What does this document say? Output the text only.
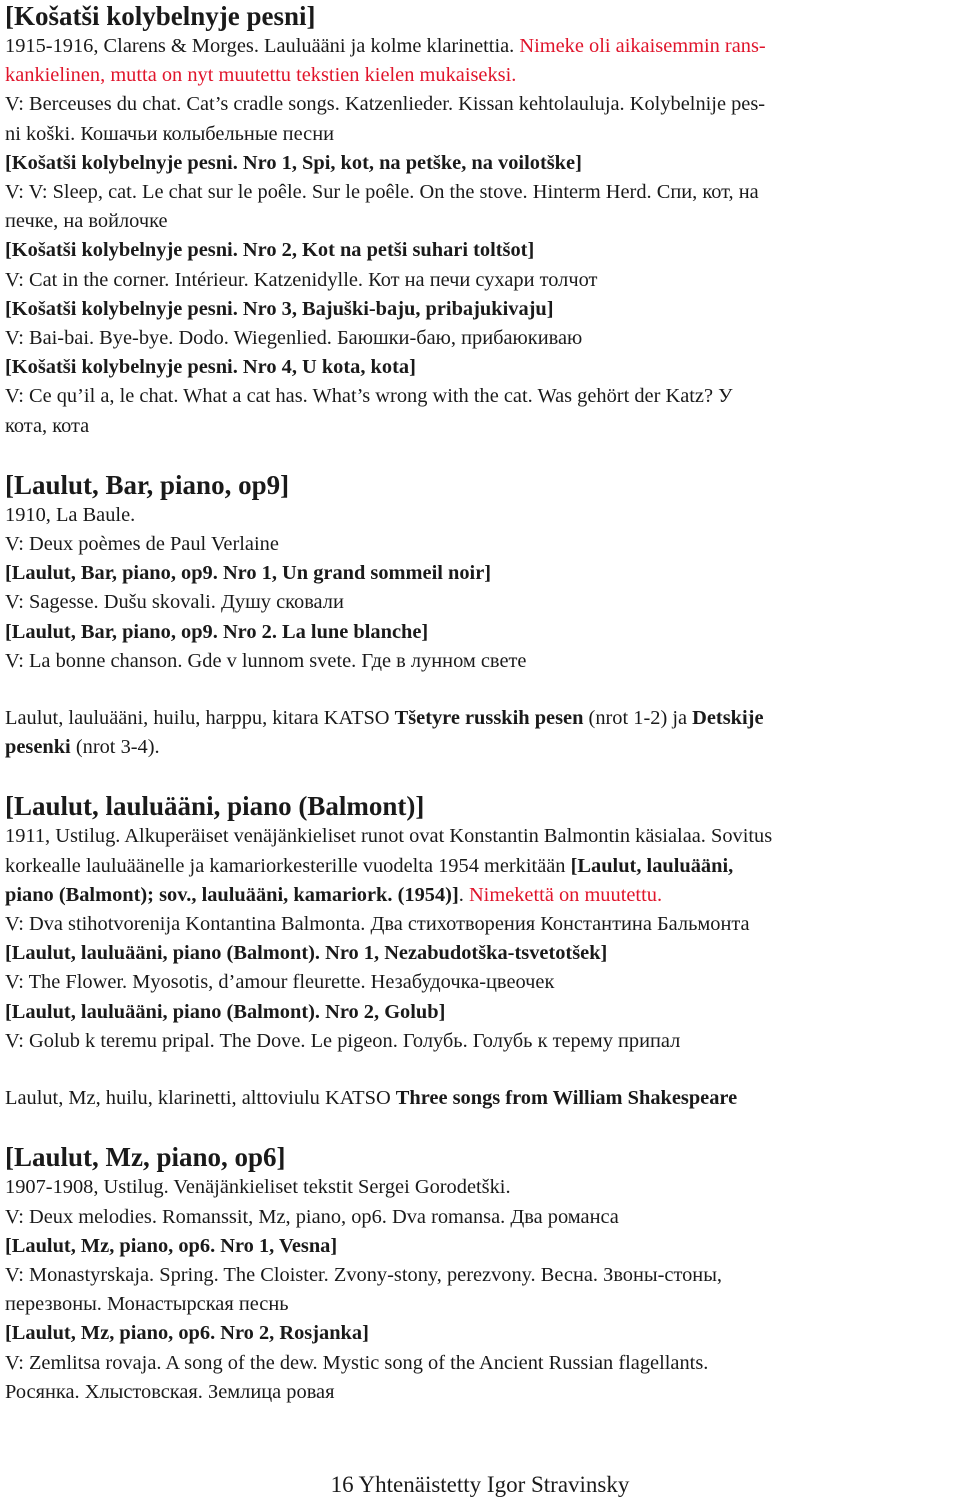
[Košatši kolybelnyje pesni]

1915-1916, Clarens & Morges. Lauluääni ja kolme klarinettia. Nimeke oli aikaisemmin rans-

kankielinen, mutta on nyt muutettu tekstien kielen mukaiseksi.

V: Berceuses du chat. Cat’s cradle songs. Katzenlieder. Kissan kehtolauluja. Kolybelnije pes-

ni koški. Кошачьи колыбельные песни

[Košatši kolybelnyje pesni. Nro 1, Spi, kot, na petške, na voilotške]

V: V: Sleep, cat. Le chat sur le poêle. Sur le poêle. On the stove. Hinterm Herd. Спи, кот, на

печке, на войлочке

[Košatši kolybelnyje pesni. Nro 2, Kot na petši suhari toltšot]

V: Cat in the corner. Intérieur. Katzenidylle. Кот на печи сухари толчот

[Košatši kolybelnyje pesni. Nro 3, Bajuški-baju, pribajukivaju]

V: Bai-bai. Bye-bye. Dodo. Wiegenlied. Баюшки-баю, прибаюкиваю

[Košatši kolybelnyje pesni. Nro 4, U kota, kota]

V: Ce qu’il a, le chat. What a cat has. What’s wrong with the cat. Was gehört der Katz? У

кота, кота

[Laulut, Bar, piano, op9]

1910, La Baule.

V: Deux poèmes de Paul Verlaine

[Laulut, Bar, piano, op9. Nro 1, Un grand sommeil noir]

V: Sagesse. Dušu skovali. Душу сковали

[Laulut, Bar, piano, op9. Nro 2. La lune blanche]

V: La bonne chanson. Gde v lunnom svete. Где в лунном свете

Laulut, lauluääni, huilu, harppu, kitara KATSO Tšetyre russkih pesen (nrot 1-2) ja Detskije

pesenki (nrot 3-4).

[Laulut, lauluääni, piano (Balmont)]

1911, Ustilug. Alkuperäiset venäjänkieliset runot ovat Konstantin Balmontin käsialaa. Sovitus

korkealle lauluäänelle ja kamariorkesterille vuodelta 1954 merkitään [Laulut, lauluääni,

piano (Balmont); sov., lauluääni, kamariork. (1954)]. Nimekettä on muutettu.

V: Dva stihotvorenija Kontantina Balmonta. Два стихотворения Константина Бальмонта

[Laulut, lauluääni, piano (Balmont). Nro 1, Nezabudotška-tsvetotšek]

V: The Flower. Myosotis, d’amour fleurette. Незабудочка-цвеочек

[Laulut, lauluääni, piano (Balmont). Nro 2, Golub]

V: Golub k teremu pripal. The Dove. Le pigeon. Голубь. Голубь к терему припал

Laulut, Mz, huilu, klarinetti, alttoviulu KATSO Three songs from William Shakespeare

[Laulut, Mz, piano, op6]

1907-1908, Ustilug. Venäjänkieliset tekstit Sergei Gorodetški.

V: Deux melodies. Romanssit, Mz, piano, op6. Dva romansa. Два романса

[Laulut, Mz, piano, op6. Nro 1, Vesna]

V: Monastyrskaja. Spring. The Cloister. Zvony-stony, perezvony. Весна. Звоны-стоны,

перезвоны. Монастырская песнь

[Laulut, Mz, piano, op6. Nro 2, Rosjanka]

V: Zemlitsa rovaja. A song of the dew. Mystic song of the Ancient Russian flagellants.

Росянка. Хлыстовская. Землица ровая

16 Yhtenäistetty Igor Stravinsky
